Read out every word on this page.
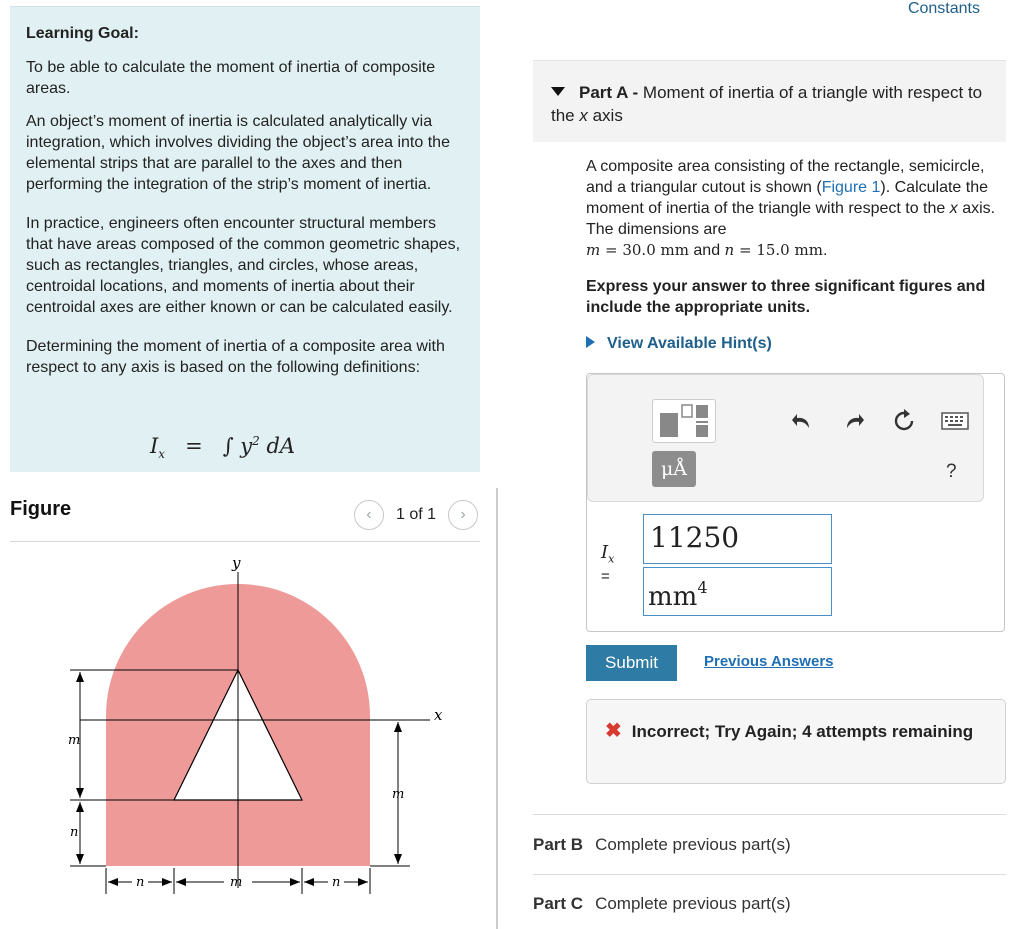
Learning Goal:

To be able to calculate the moment of inertia of composite areas.

An object’s moment of inertia is calculated analytically via integration, which involves dividing the object’s area into the elemental strips that are parallel to the axes and then performing the integration of the strip’s moment of inertia.

In practice, engineers often encounter structural members that have areas composed of the common geometric shapes, such as rectangles, triangles, and circles, whose areas, centroidal locations, and moments of inertia about their centroidal axes are either known or can be calculated easily.

Determining the moment of inertia of a composite area with respect to any axis is based on the following definitions:

$I_x$ = ∫ $y^2$ dA
Figure	‹ 1 of 1 ›
y
x
m
n
m
n	m	n
Constants
Part A - Moment of inertia of a triangle with respect to the x axis
A composite area consisting of the rectangle, semicircle, and a triangular cutout is shown (Figure 1). Calculate the moment of inertia of the triangle with respect to the x axis. The dimensions are
m = 30.0 mm and n = 15.0 mm.
Express your answer to three significant figures and include the appropriate units.
View Available Hint(s)
μÅ	?
$I_x$
=
11250
$mm^4$
Submit	Previous Answers
✖ Incorrect; Try Again; 4 attempts remaining
Part B Complete previous part(s)
Part C Complete previous part(s)
